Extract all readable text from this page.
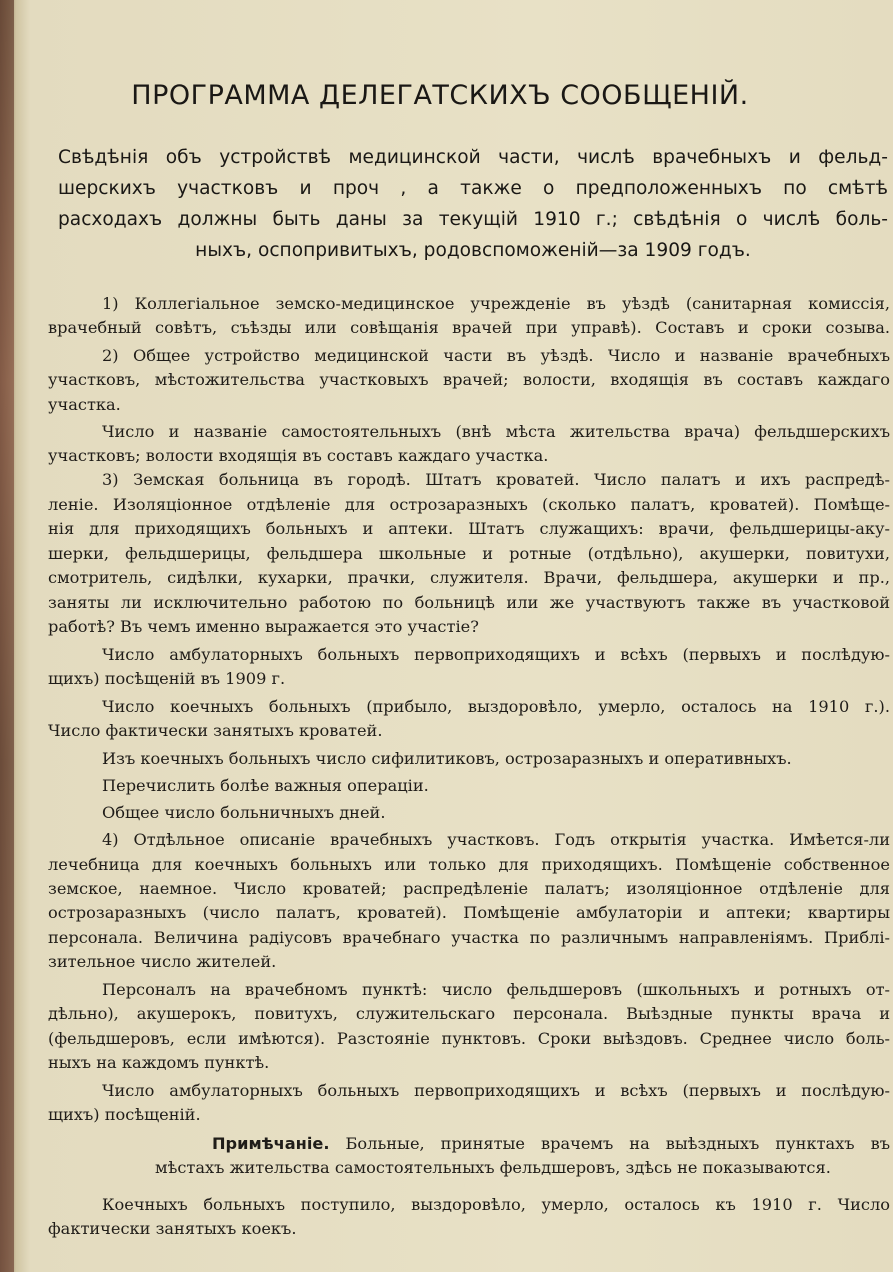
ПРОГРАММА ДЕЛЕГАТСКИХЪ СООБЩЕНІЙ.
Свѣдѣнія объ устройствѣ медицинской части, числѣ врачебныхъ и фельд-
шерскихъ участковъ и проч , а также о предположенныхъ по смѣтѣ
расходахъ должны быть даны за текущій 1910 г.; свѣдѣнія о числѣ боль-
ныхъ, оспопривитыхъ, родовспоможеній—за 1909 годъ.
1) Коллегіальное земско-медицинское учрежденіе въ уѣздѣ (санитарная комиссія,
врачебный совѣтъ, съѣзды или совѣщанія врачей при управѣ). Составъ и сроки созыва.
2) Общее устройство медицинской части въ уѣздѣ. Число и названіе врачебныхъ
участковъ, мѣстожительства участковыхъ врачей; волости, входящія въ составъ каждаго
участка.
Число и названіе самостоятельныхъ (внѣ мѣста жительства врача) фельдшерскихъ
участковъ; волости входящія въ составъ каждаго участка.
3) Земская больница въ городѣ. Штатъ кроватей. Число палатъ и ихъ распредѣ-
леніе. Изоляціонное отдѣленіе для острозаразныхъ (сколько палатъ, кроватей). Помѣще-
нія для приходящихъ больныхъ и аптеки. Штатъ служащихъ: врачи, фельдшерицы-аку-
шерки, фельдшерицы, фельдшера школьные и ротные (отдѣльно), акушерки, повитухи,
смотритель, сидѣлки, кухарки, прачки, служителя. Врачи, фельдшера, акушерки и пр.,
заняты ли исключительно работою по больницѣ или же участвуютъ также въ участковой
работѣ? Въ чемъ именно выражается это участіе?
Число амбулаторныхъ больныхъ первоприходящихъ и всѣхъ (первыхъ и послѣдую-
щихъ) посѣщеній въ 1909 г.
Число коечныхъ больныхъ (прибыло, выздоровѣло, умерло, осталось на 1910 г.).
Число фактически занятыхъ кроватей.
Изъ коечныхъ больныхъ число сифилитиковъ, острозаразныхъ и оперативныхъ.
Перечислить болѣе важныя операціи.
Общее число больничныхъ дней.
4) Отдѣльное описаніе врачебныхъ участковъ. Годъ открытія участка. Имѣется-ли
лечебница для коечныхъ больныхъ или только для приходящихъ. Помѣщеніе собственное
земское, наемное. Число кроватей; распредѣленіе палатъ; изоляціонное отдѣленіе для
острозаразныхъ (число палатъ, кроватей). Помѣщеніе амбулаторіи и аптеки; квартиры
персонала. Величина радіусовъ врачебнаго участка по различнымъ направленіямъ. Приблі-
зительное число жителей.
Персоналъ на врачебномъ пунктѣ: число фельдшеровъ (школьныхъ и ротныхъ от-
дѣльно), акушерокъ, повитухъ, служительскаго персонала. Выѣздные пункты врача и
(фельдшеровъ, если имѣются). Разстояніе пунктовъ. Сроки выѣздовъ. Среднее число боль-
ныхъ на каждомъ пунктѣ.
Число амбулаторныхъ больныхъ первоприходящихъ и всѣхъ (первыхъ и послѣдую-
щихъ) посѣщеній.
Примѣчаніе. Больные, принятые врачемъ на выѣздныхъ пунктахъ въ
мѣстахъ жительства самостоятельныхъ фельдшеровъ, здѣсь не показываются.
Коечныхъ больныхъ поступило, выздоровѣло, умерло, осталось къ 1910 г. Число
фактически занятыхъ коекъ.
